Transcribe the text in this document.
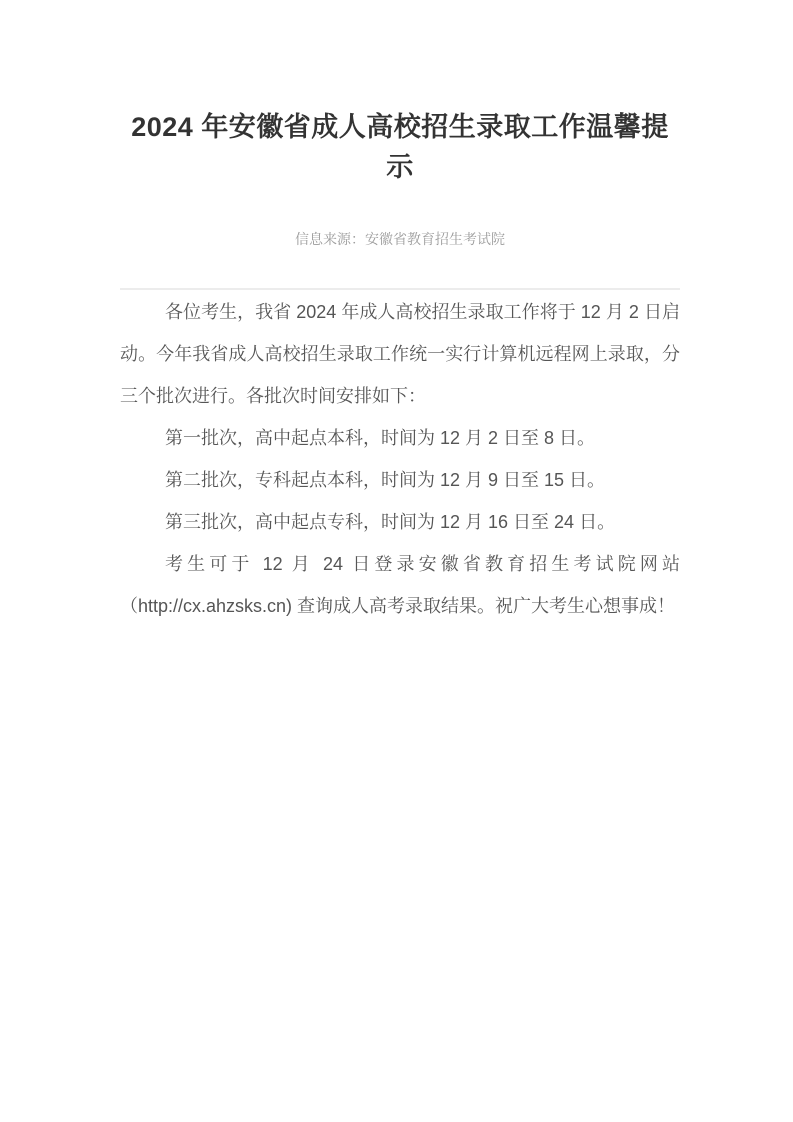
2024 年安徽省成人高校招生录取工作温馨提示
信息来源：安徽省教育招生考试院

各位考生，我省 2024 年成人高校招生录取工作将于 12 月 2 日启动。今年我省成人高校招生录取工作统一实行计算机远程网上录取，分三个批次进行。各批次时间安排如下：

第一批次，高中起点本科，时间为 12 月 2 日至 8 日。

第二批次，专科起点本科，时间为 12 月 9 日至 15 日。

第三批次，高中起点专科，时间为 12 月 16 日至 24 日。

考生可于 12 月 24 日登录安徽省教育招生考试院网站（http://cx.ahzsks.cn) 查询成人高考录取结果。祝广大考生心想事成！
